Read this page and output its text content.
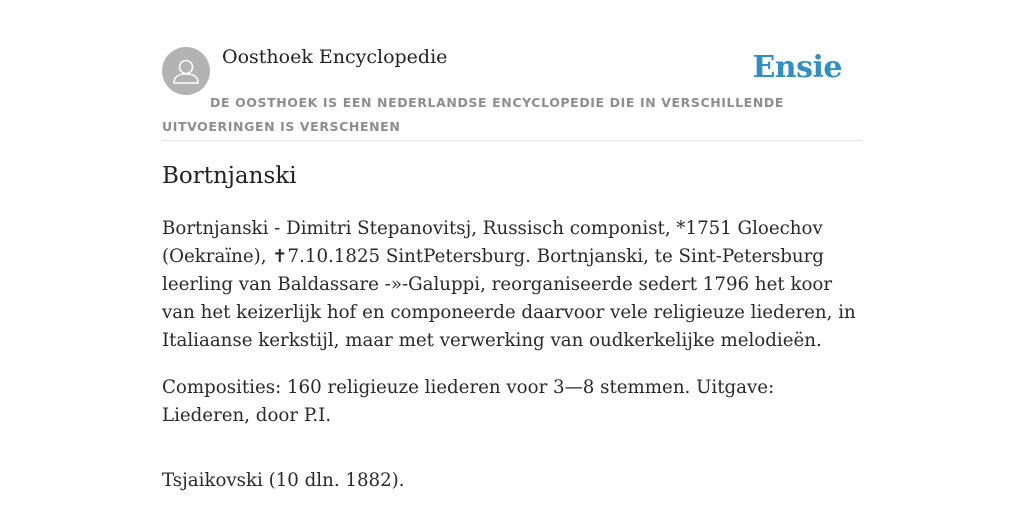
Oosthoek Encyclopedie	Ensie
DE OOSTHOEK IS EEN NEDERLANDSE ENCYCLOPEDIE DIE IN VERSCHILLENDE UITVOERINGEN IS VERSCHENEN
Bortnjanski

Bortnjanski - Dimitri Stepanovitsj, Russisch componist, *1751 Gloechov (Oekraïne), ✝7.10.1825 SintPetersburg. Bortnjanski, te Sint-Petersburg leerling van Baldassare -»-Galuppi, reorganiseerde sedert 1796 het koor van het keizerlijk hof en componeerde daarvoor vele religieuze liederen, in Italiaanse kerkstijl, maar met verwerking van oudkerkelijke melodieën.

Composities: 160 religieuze liederen voor 3—8 stemmen. Uitgave: Liederen, door P.I.

Tsjaikovski (10 dln. 1882).
